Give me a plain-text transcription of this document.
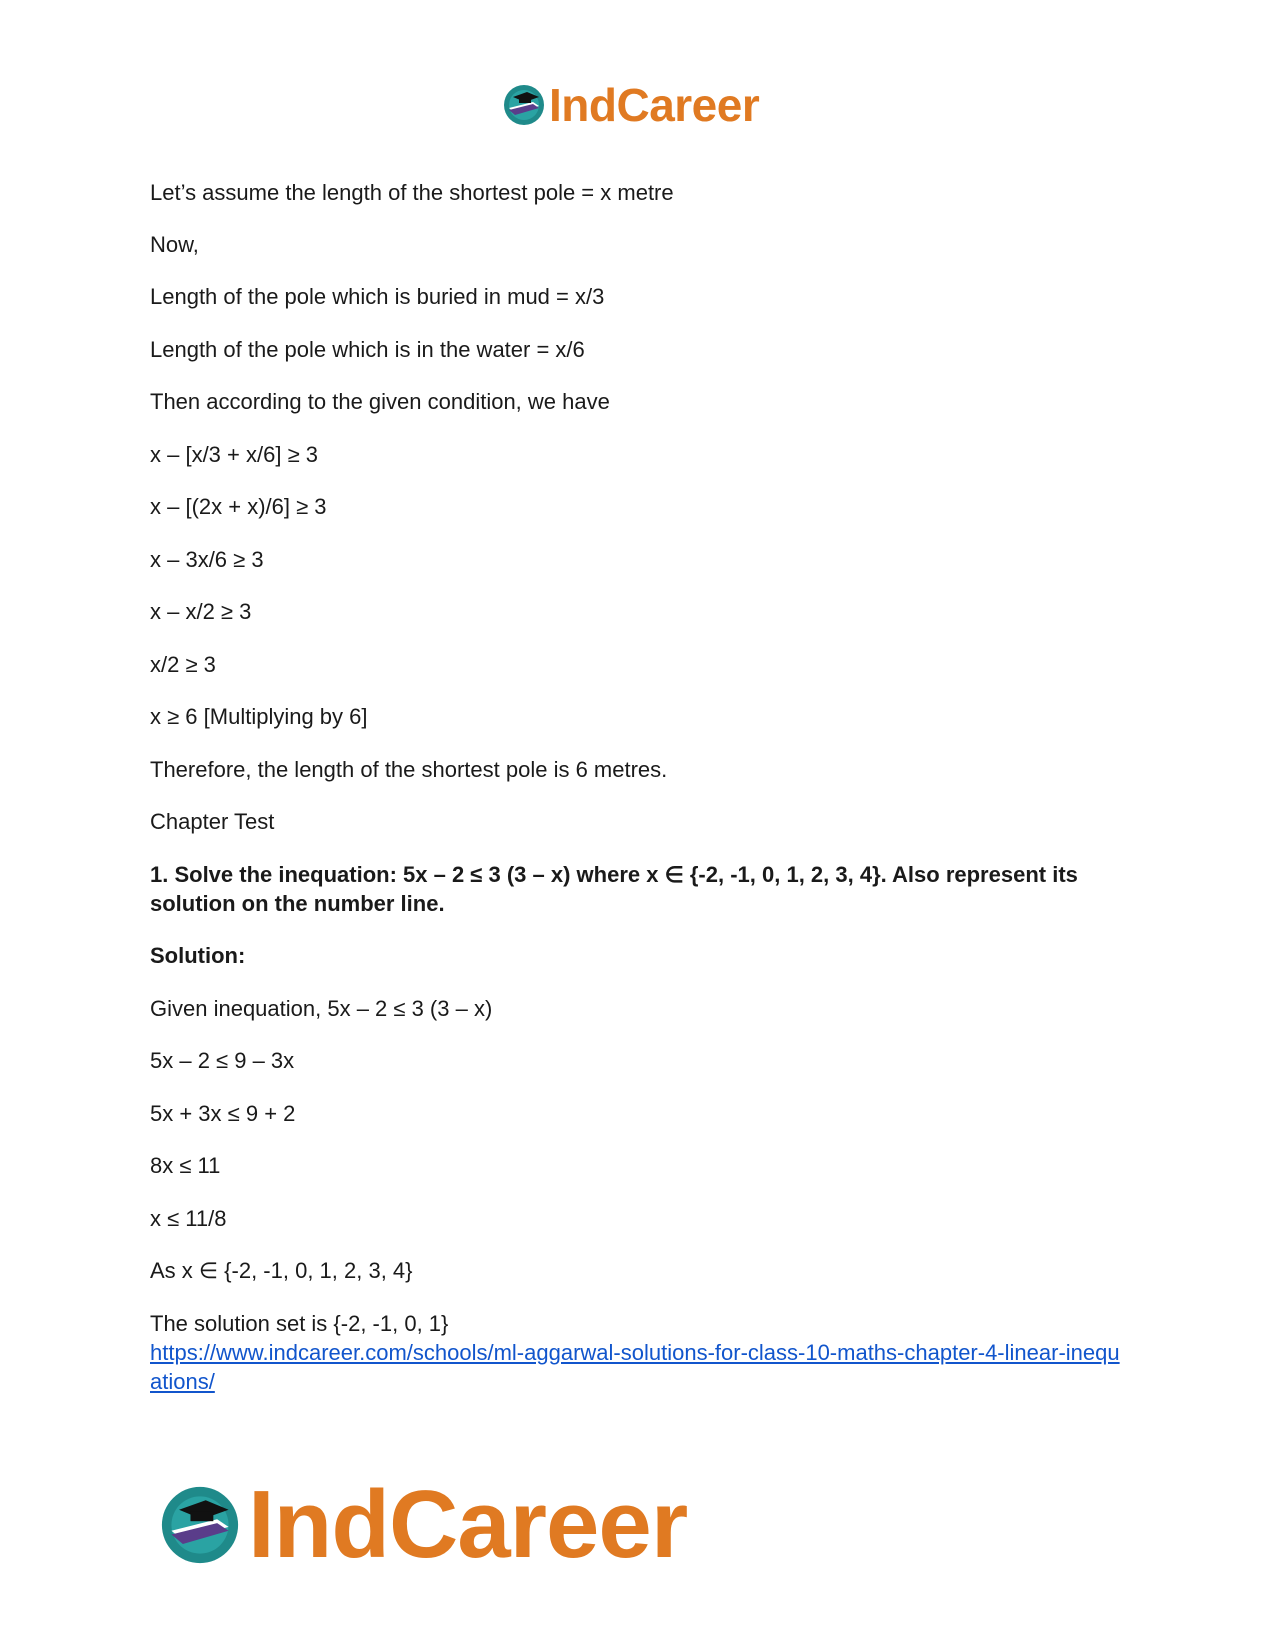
IndCareer
Let’s assume the length of the shortest pole = x metre
Now,
Length of the pole which is buried in mud = x/3
Length of the pole which is in the water = x/6
Then according to the given condition, we have
x – [x/3 + x/6] ≥ 3
x – [(2x + x)/6] ≥ 3
x – 3x/6 ≥ 3
x – x/2 ≥ 3
x/2 ≥ 3
x ≥ 6 [Multiplying by 6]
Therefore, the length of the shortest pole is 6 metres.
Chapter Test
1. Solve the inequation: 5x – 2 ≤ 3 (3 – x) where x ∈ {-2, -1, 0, 1, 2, 3, 4}. Also represent its solution on the number line.
Solution:
Given inequation, 5x – 2 ≤ 3 (3 – x)
5x – 2 ≤ 9 – 3x
5x + 3x ≤ 9 + 2
8x ≤ 11
x ≤ 11/8
As x ∈ {-2, -1, 0, 1, 2, 3, 4}
The solution set is {-2, -1, 0, 1}
https://www.indcareer.com/schools/ml-aggarwal-solutions-for-class-10-maths-chapter-4-linear-inequations/
IndCareer
